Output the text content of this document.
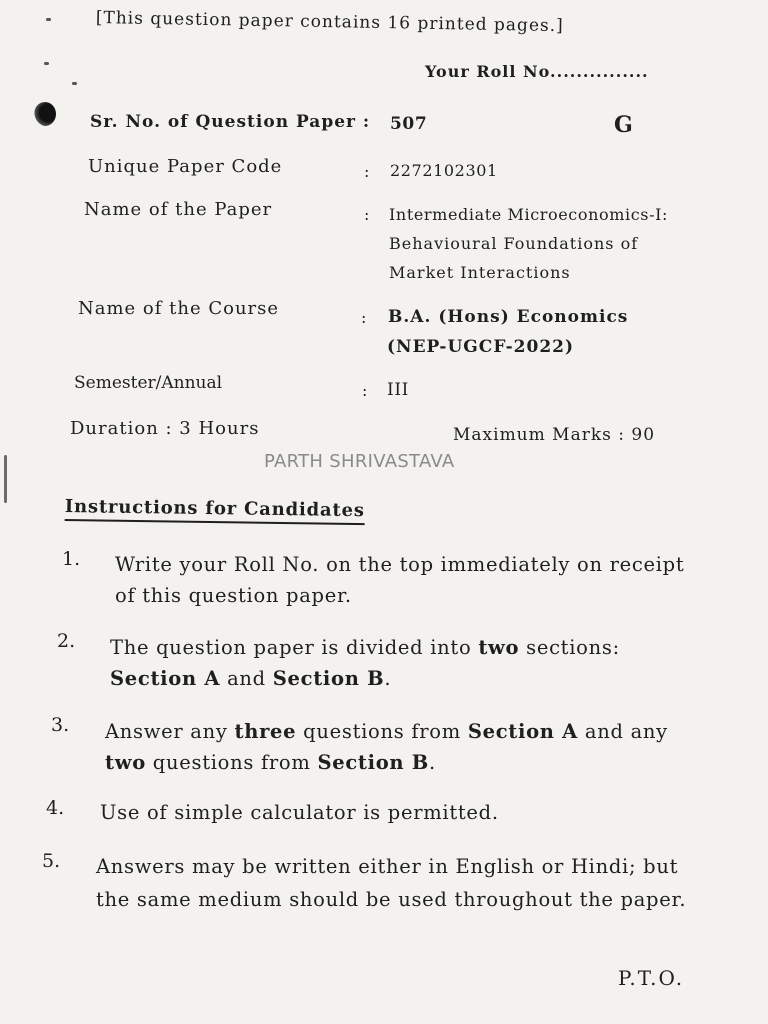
[This question paper contains 16 printed pages.]
Your Roll No...............
Sr. No. of Question Paper : 507	G
Unique Paper Code	: 2272102301
Name of the Paper	: Intermediate Microeconomics-I:
Behavioural Foundations of
Market Interactions
Name of the Course	: B.A. (Hons) Economics
(NEP-UGCF-2022)
Semester/Annual	: III
Duration : 3 Hours	Maximum Marks : 90
PARTH SHRIVASTAVA
Instructions for Candidates
1. Write your Roll No. on the top immediately on receipt of this question paper.
2. The question paper is divided into two sections: Section A and Section B.
3. Answer any three questions from Section A and any two questions from Section B.
4. Use of simple calculator is permitted.
5. Answers may be written either in English or Hindi; but the same medium should be used throughout the paper.
P.T.O.
